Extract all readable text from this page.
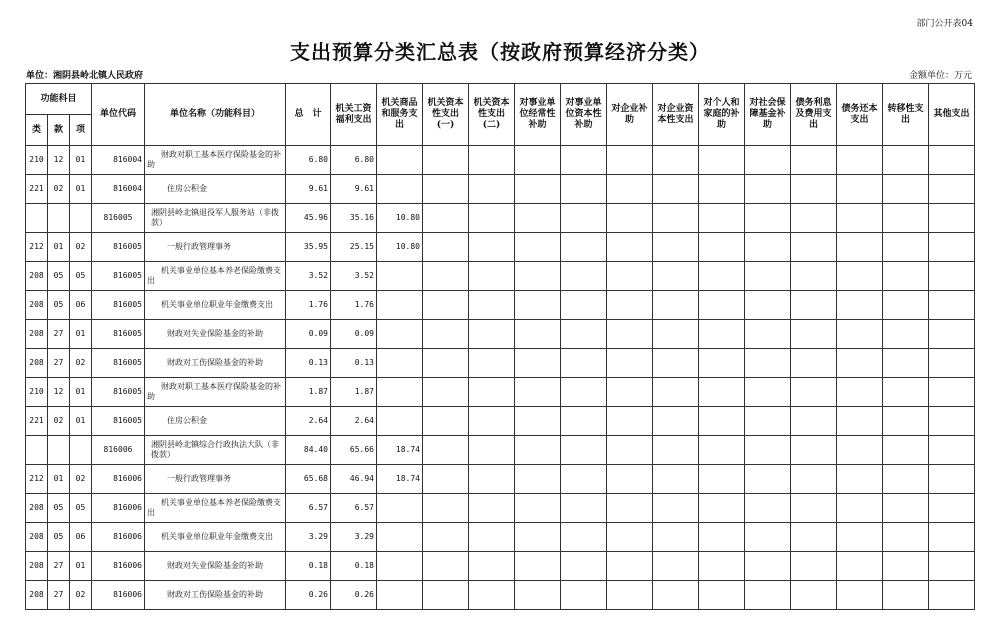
部门公开表04
支出预算分类汇总表（按政府预算经济分类）
单位：湘阴县岭北镇人民政府	金额单位：万元
功能科目			单位代码	单位名称（功能科目）	总　计	机关工资福利支出	机关商品和服务支出	机关资本性支出(一)	机关资本性支出(二)	对事业单位经常性补助	对事业单位资本性补助	对企业补助	对企业资本性支出	对个人和家庭的补助	对社会保障基金补助	债务利息及费用支出	债务还本支出	转移性支出	其他支出
类	款	项																	
210	12	01	816004	财政对职工基本医疗保险基金的补助	6.80	6.80													
221	02	01	816004	住房公积金	9.61	9.61													
			816005	湘阴县岭北镇退役军人服务站（非拨款）	45.96	35.16	10.80												
212	01	02	816005	一般行政管理事务	35.95	25.15	10.80												
208	05	05	816005	机关事业单位基本养老保险缴费支出	3.52	3.52													
208	05	06	816005	机关事业单位职业年金缴费支出	1.76	1.76													
208	27	01	816005	财政对失业保险基金的补助	0.09	0.09													
208	27	02	816005	财政对工伤保险基金的补助	0.13	0.13													
210	12	01	816005	财政对职工基本医疗保险基金的补助	1.87	1.87													
221	02	01	816005	住房公积金	2.64	2.64													
			816006	湘阴县岭北镇综合行政执法大队（非拨款）	84.40	65.66	18.74												
212	01	02	816006	一般行政管理事务	65.68	46.94	18.74												
208	05	05	816006	机关事业单位基本养老保险缴费支出	6.57	6.57													
208	05	06	816006	机关事业单位职业年金缴费支出	3.29	3.29													
208	27	01	816006	财政对失业保险基金的补助	0.18	0.18													
208	27	02	816006	财政对工伤保险基金的补助	0.26	0.26													
